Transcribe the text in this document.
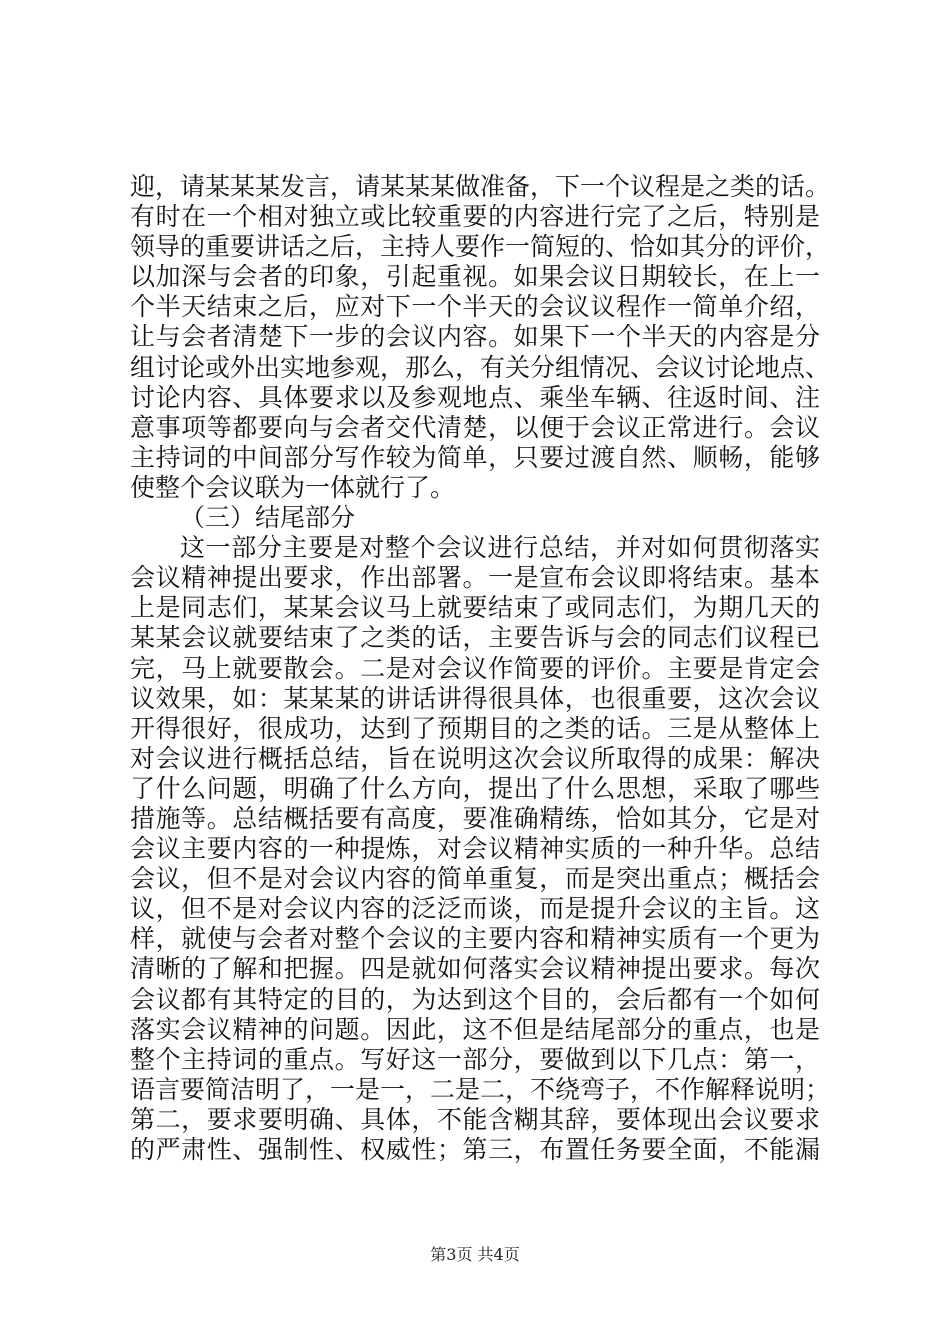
迎，请某某某发言，请某某某做准备，下一个议程是之类的话。
有时在一个相对独立或比较重要的内容进行完了之后，特别是
领导的重要讲话之后，主持人要作一简短的、恰如其分的评价，
以加深与会者的印象，引起重视。如果会议日期较长，在上一
个半天结束之后，应对下一个半天的会议议程作一简单介绍，
让与会者清楚下一步的会议内容。如果下一个半天的内容是分
组讨论或外出实地参观，那么，有关分组情况、会议讨论地点、
讨论内容、具体要求以及参观地点、乘坐车辆、往返时间、注
意事项等都要向与会者交代清楚，以便于会议正常进行。会议
主持词的中间部分写作较为简单，只要过渡自然、顺畅，能够
使整个会议联为一体就行了。
（三）结尾部分
这一部分主要是对整个会议进行总结，并对如何贯彻落实
会议精神提出要求，作出部署。一是宣布会议即将结束。基本
上是同志们，某某会议马上就要结束了或同志们，为期几天的
某某会议就要结束了之类的话，主要告诉与会的同志们议程已
完，马上就要散会。二是对会议作简要的评价。主要是肯定会
议效果，如：某某某的讲话讲得很具体，也很重要，这次会议
开得很好，很成功，达到了预期目的之类的话。三是从整体上
对会议进行概括总结，旨在说明这次会议所取得的成果：解决
了什么问题，明确了什么方向，提出了什么思想，采取了哪些
措施等。总结概括要有高度，要准确精练，恰如其分，它是对
会议主要内容的一种提炼，对会议精神实质的一种升华。总结
会议，但不是对会议内容的简单重复，而是突出重点；概括会
议，但不是对会议内容的泛泛而谈，而是提升会议的主旨。这
样，就使与会者对整个会议的主要内容和精神实质有一个更为
清晰的了解和把握。四是就如何落实会议精神提出要求。每次
会议都有其特定的目的，为达到这个目的，会后都有一个如何
落实会议精神的问题。因此，这不但是结尾部分的重点，也是
整个主持词的重点。写好这一部分，要做到以下几点：第一，
语言要简洁明了，一是一，二是二，不绕弯子，不作解释说明；
第二，要求要明确、具体，不能含糊其辞，要体现出会议要求
的严肃性、强制性、权威性；第三，布置任务要全面，不能漏
第3页 共4页
